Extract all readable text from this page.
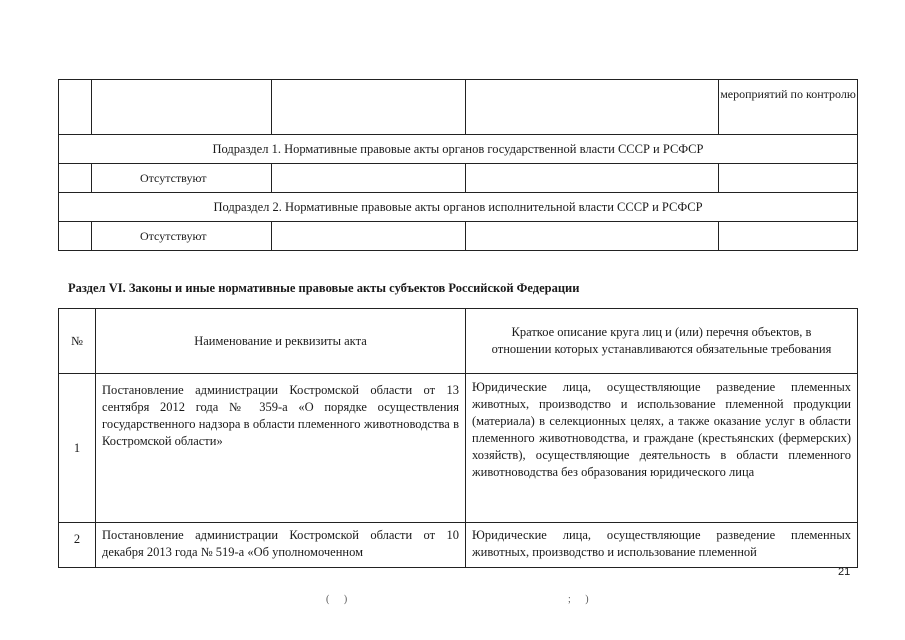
				мероприятий по контролю
Подраздел 1. Нормативные правовые акты органов государственной власти СССР и РСФСР				
	Отсутствуют			
Подраздел 2. Нормативные правовые акты органов исполнительной власти СССР и РСФСР				
	Отсутствуют			
Раздел VI. Законы и иные нормативные правовые акты субъектов Российской Федерации
№	Наименование и реквизиты акта	Краткое описание круга лиц и (или) перечня объектов, в отношении которых устанавливаются обязательные требования
1	Постановление администрации Костромской области от 13 сентября 2012 года № 359-а «О порядке осуществления государственного надзора в области племенного животноводства в Костромской области»	Юридические лица, осуществляющие разведение племенных животных, производство и использование племенной продукции (материала) в селекционных целях, а также оказание услуг в области племенного животноводства, и граждане (крестьянских (фермерских) хозяйств), осуществляющие деятельность в области племенного животноводства без образования юридического лица
2	Постановление администрации Костромской области от 10 декабря 2013 года № 519-а «Об уполномоченном	Юридические лица, осуществляющие разведение племенных животных, производство и использование племенной
21
( )	; )
